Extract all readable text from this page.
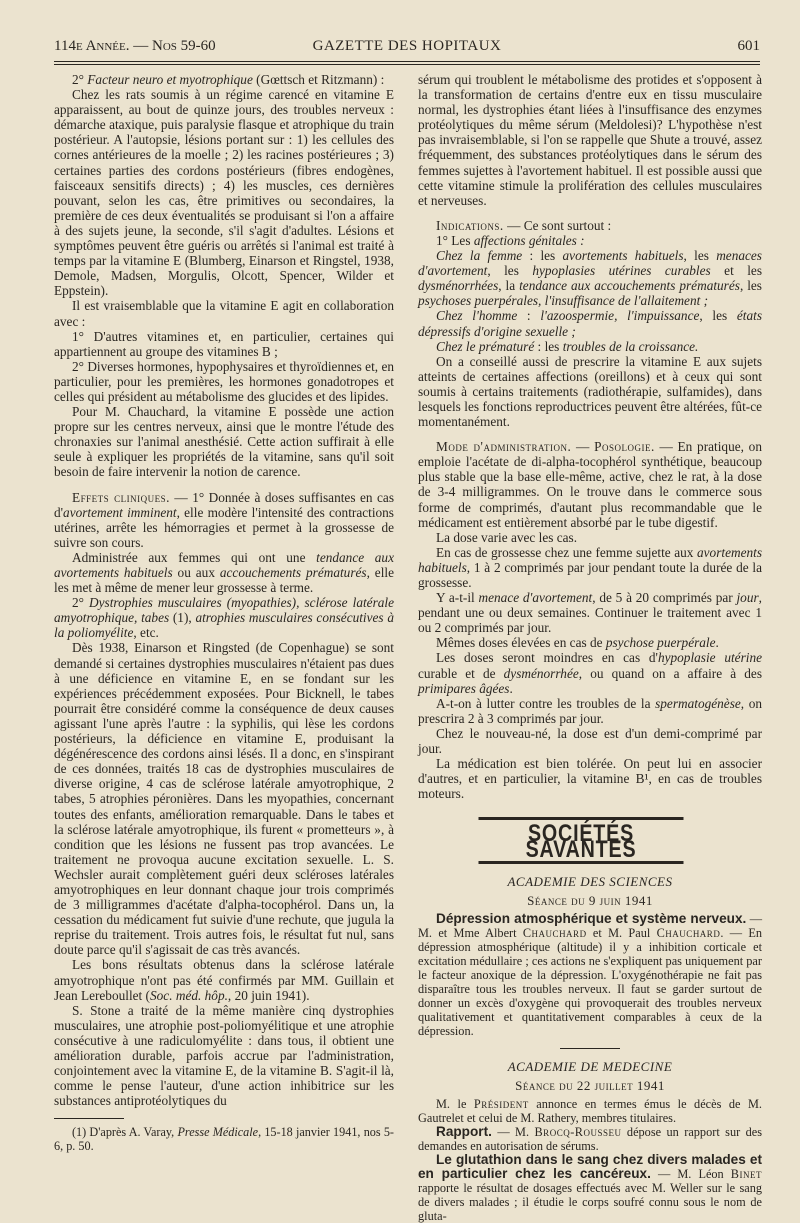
114e Année. — Nos 59-60	GAZETTE DES HOPITAUX	601

2° Facteur neuro et myotrophique (Gœttsch et Ritzmann) :

Chez les rats soumis à un régime carencé en vitamine E apparaissent, au bout de quinze jours, des troubles nerveux : démarche ataxique, puis paralysie flasque et atrophique du train postérieur. A l'autopsie, lésions portant sur : 1) les cellules des cornes antérieures de la moelle ; 2) les racines postérieures ; 3) certaines parties des cordons postérieurs (fibres endogènes, faisceaux sensitifs directs) ; 4) les muscles, ces dernières pouvant, selon les cas, être primitives ou secondaires, la première de ces deux éventualités se produisant si l'on a affaire à des sujets jeune, la seconde, s'il s'agit d'adultes. Lésions et symptômes peuvent être guéris ou arrêtés si l'animal est traité à temps par la vitamine E (Blumberg, Einarson et Ringstel, 1938, Demole, Madsen, Morgulis, Olcott, Spencer, Wilder et Eppstein).

Il est vraisemblable que la vitamine E agit en collaboration avec :

1° D'autres vitamines et, en particulier, certaines qui appartiennent au groupe des vitamines B ;

2° Diverses hormones, hypophysaires et thyroïdiennes et, en particulier, pour les premières, les hormones gonadotropes et celles qui président au métabolisme des glucides et des lipides.

Pour M. Chauchard, la vitamine E possède une action propre sur les centres nerveux, ainsi que le montre l'étude des chronaxies sur l'animal anesthésié. Cette action suffirait à elle seule à expliquer les propriétés de la vitamine, sans qu'il soit besoin de faire intervenir la notion de carence.

Effets cliniques. — 1° Donnée à doses suffisantes en cas d'avortement imminent, elle modère l'intensité des contractions utérines, arrête les hémorragies et permet à la grossesse de suivre son cours.

Administrée aux femmes qui ont une tendance aux avortements habituels ou aux accouchements prématurés, elle les met à même de mener leur grossesse à terme.

2° Dystrophies musculaires (myopathies), sclérose latérale amyotrophique, tabes (1), atrophies musculaires consécutives à la poliomyélite, etc.

Dès 1938, Einarson et Ringsted (de Copenhague) se sont demandé si certaines dystrophies musculaires n'étaient pas dues à une déficience en vitamine E, en se fondant sur les expériences précédemment exposées. Pour Bicknell, le tabes pourrait être considéré comme la conséquence de deux causes agissant l'une après l'autre : la syphilis, qui lèse les cordons postérieurs, la déficience en vitamine E, produisant la dégénérescence des cordons ainsi lésés. Il a donc, en s'inspirant de ces données, traités 18 cas de dystrophies musculaires de diverse origine, 4 cas de sclérose latérale amyotrophique, 2 tabes, 5 atrophies péronières. Dans les myopathies, concernant toutes des enfants, amélioration remarquable. Dans le tabes et la sclérose latérale amyotrophique, ils furent « prometteurs », à condition que les lésions ne fussent pas trop avancées. Le traitement ne provoqua aucune excitation sexuelle. L. S. Wechsler aurait complètement guéri deux scléroses latérales amyotrophiques en leur donnant chaque jour trois comprimés de 3 milligrammes d'acétate d'alpha-tocophérol. Dans un, la cessation du médicament fut suivie d'une rechute, que jugula la reprise du traitement. Trois autres fois, le résultat fut nul, sans doute parce qu'il s'agissait de cas très avancés.

Les bons résultats obtenus dans la sclérose latérale amyotrophique n'ont pas été confirmés par MM. Guillain et Jean Lereboullet (Soc. méd. hôp., 20 juin 1941).

S. Stone a traité de la même manière cinq dystrophies musculaires, une atrophie post-poliomyélitique et une atrophie consécutive à une radiculomyélite : dans tous, il obtient une amélioration durable, parfois accrue par l'administration, conjointement avec la vitamine E, de la vitamine B. S'agit-il là, comme le pense l'auteur, d'une action inhibitrice sur les substances antiprotéolytiques du

(1) D'après A. Varay, Presse Médicale, 15-18 janvier 1941, nos 5-6, p. 50.

sérum qui troublent le métabolisme des protides et s'opposent à la transformation de certains d'entre eux en tissu musculaire normal, les dystrophies étant liées à l'insuffisance des enzymes protéolytiques du même sérum (Meldolesi)? L'hypothèse n'est pas invraisemblable, si l'on se rappelle que Shute a trouvé, assez fréquemment, des substances protéolytiques dans le sérum des femmes sujettes à l'avortement habituel. Il est possible aussi que cette vitamine stimule la prolifération des cellules musculaires et nerveuses.

Indications. — Ce sont surtout :

1° Les affections génitales :

Chez la femme : les avortements habituels, les menaces d'avortement, les hypoplasies utérines curables et les dysménorrhées, la tendance aux accouchements prématurés, les psychoses puerpérales, l'insuffisance de l'allaitement ;

Chez l'homme : l'azoospermie, l'impuissance, les états dépressifs d'origine sexuelle ;

Chez le prématuré : les troubles de la croissance.

On a conseillé aussi de prescrire la vitamine E aux sujets atteints de certaines affections (oreillons) et à ceux qui sont soumis à certains traitements (radiothérapie, sulfamides), dans lesquels les fonctions reproductrices peuvent être altérées, fût-ce momentanément.

Mode d'administration. — Posologie. — En pratique, on emploie l'acétate de di-alpha-tocophérol synthétique, beaucoup plus stable que la base elle-même, active, chez le rat, à la dose de 3-4 milligrammes. On le trouve dans le commerce sous forme de comprimés, d'autant plus recommandable que le médicament est entièrement absorbé par le tube digestif.

La dose varie avec les cas.

En cas de grossesse chez une femme sujette aux avortements habituels, 1 à 2 comprimés par jour pendant toute la durée de la grossesse.

Y a-t-il menace d'avortement, de 5 à 20 comprimés par jour, pendant une ou deux semaines. Continuer le traitement avec 1 ou 2 comprimés par jour.

Mêmes doses élevées en cas de psychose puerpérale.

Les doses seront moindres en cas d'hypoplasie utérine curable et de dysménorrhée, ou quand on a affaire à des primipares âgées.

A-t-on à lutter contre les troubles de la spermatogénèse, on prescrira 2 à 3 comprimés par jour.

Chez le nouveau-né, la dose est d'un demi-comprimé par jour.

La médication est bien tolérée. On peut lui en associer d'autres, et en particulier, la vitamine B¹, en cas de troubles moteurs.

SOCIÉTÉS SAVANTES
ACADEMIE DES SCIENCES
Séance du 9 juin 1941

Dépression atmosphérique et système nerveux. — M. et Mme Albert Chauchard et M. Paul Chauchard. — En dépression atmosphérique (altitude) il y a inhibition corticale et excitation médullaire ; ces actions ne s'expliquent pas uniquement par le facteur anoxique de la dépression. L'oxygénothérapie ne fait pas disparaître tous les troubles nerveux. Il faut se garder surtout de donner un excès d'oxygène qui provoquerait des troubles nerveux qualitativement et quantitativement comparables à ceux de la dépression.

ACADEMIE DE MEDECINE
Séance du 22 juillet 1941

M. le Président annonce en termes émus le décès de M. Gautrelet et celui de M. Rathery, membres titulaires.

Rapport. — M. Brocq-Rousseu dépose un rapport sur des demandes en autorisation de sérums.

Le glutathion dans le sang chez divers malades et en particulier chez les cancéreux. — M. Léon Binet rapporte le résultat de dosages effectués avec M. Weller sur le sang de divers malades ; il étudie le corps soufré connu sous le nom de gluta-
